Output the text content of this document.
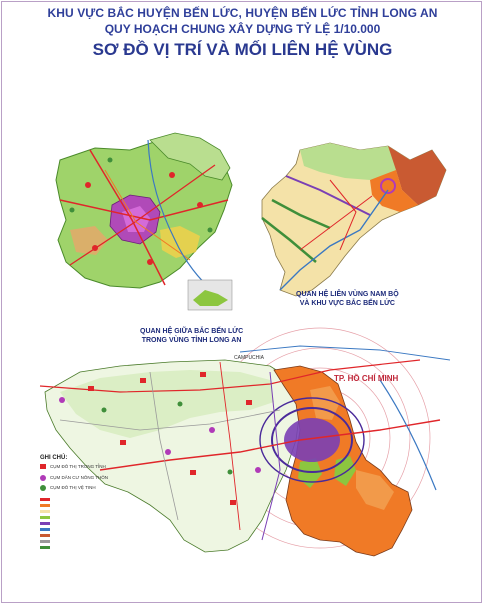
KHU VỰC BẮC HUYỆN BẾN LỨC, HUYỆN BẾN LỨC TỈNH LONG AN
QUY HOẠCH CHUNG XÂY DỰNG TỶ LỆ 1/10.000
SƠ ĐỒ VỊ TRÍ VÀ MỐI LIÊN HỆ VÙNG
QUAN HỆ LIÊN VÙNG NAM BỘ
VÀ KHU VỰC BẮC BẾN LỨC
QUAN HỆ GIỮA BẮC BẾN LỨC
TRONG VÙNG TỈNH LONG AN
CAMPUCHIA
TP. HỒ CHÍ MINH
GHI CHÚ:
CỤM ĐÔ THỊ TRONG TỈNH
CỤM DÂN CƯ NÔNG THÔN
CỤM ĐÔ THỊ VỆ TINH
